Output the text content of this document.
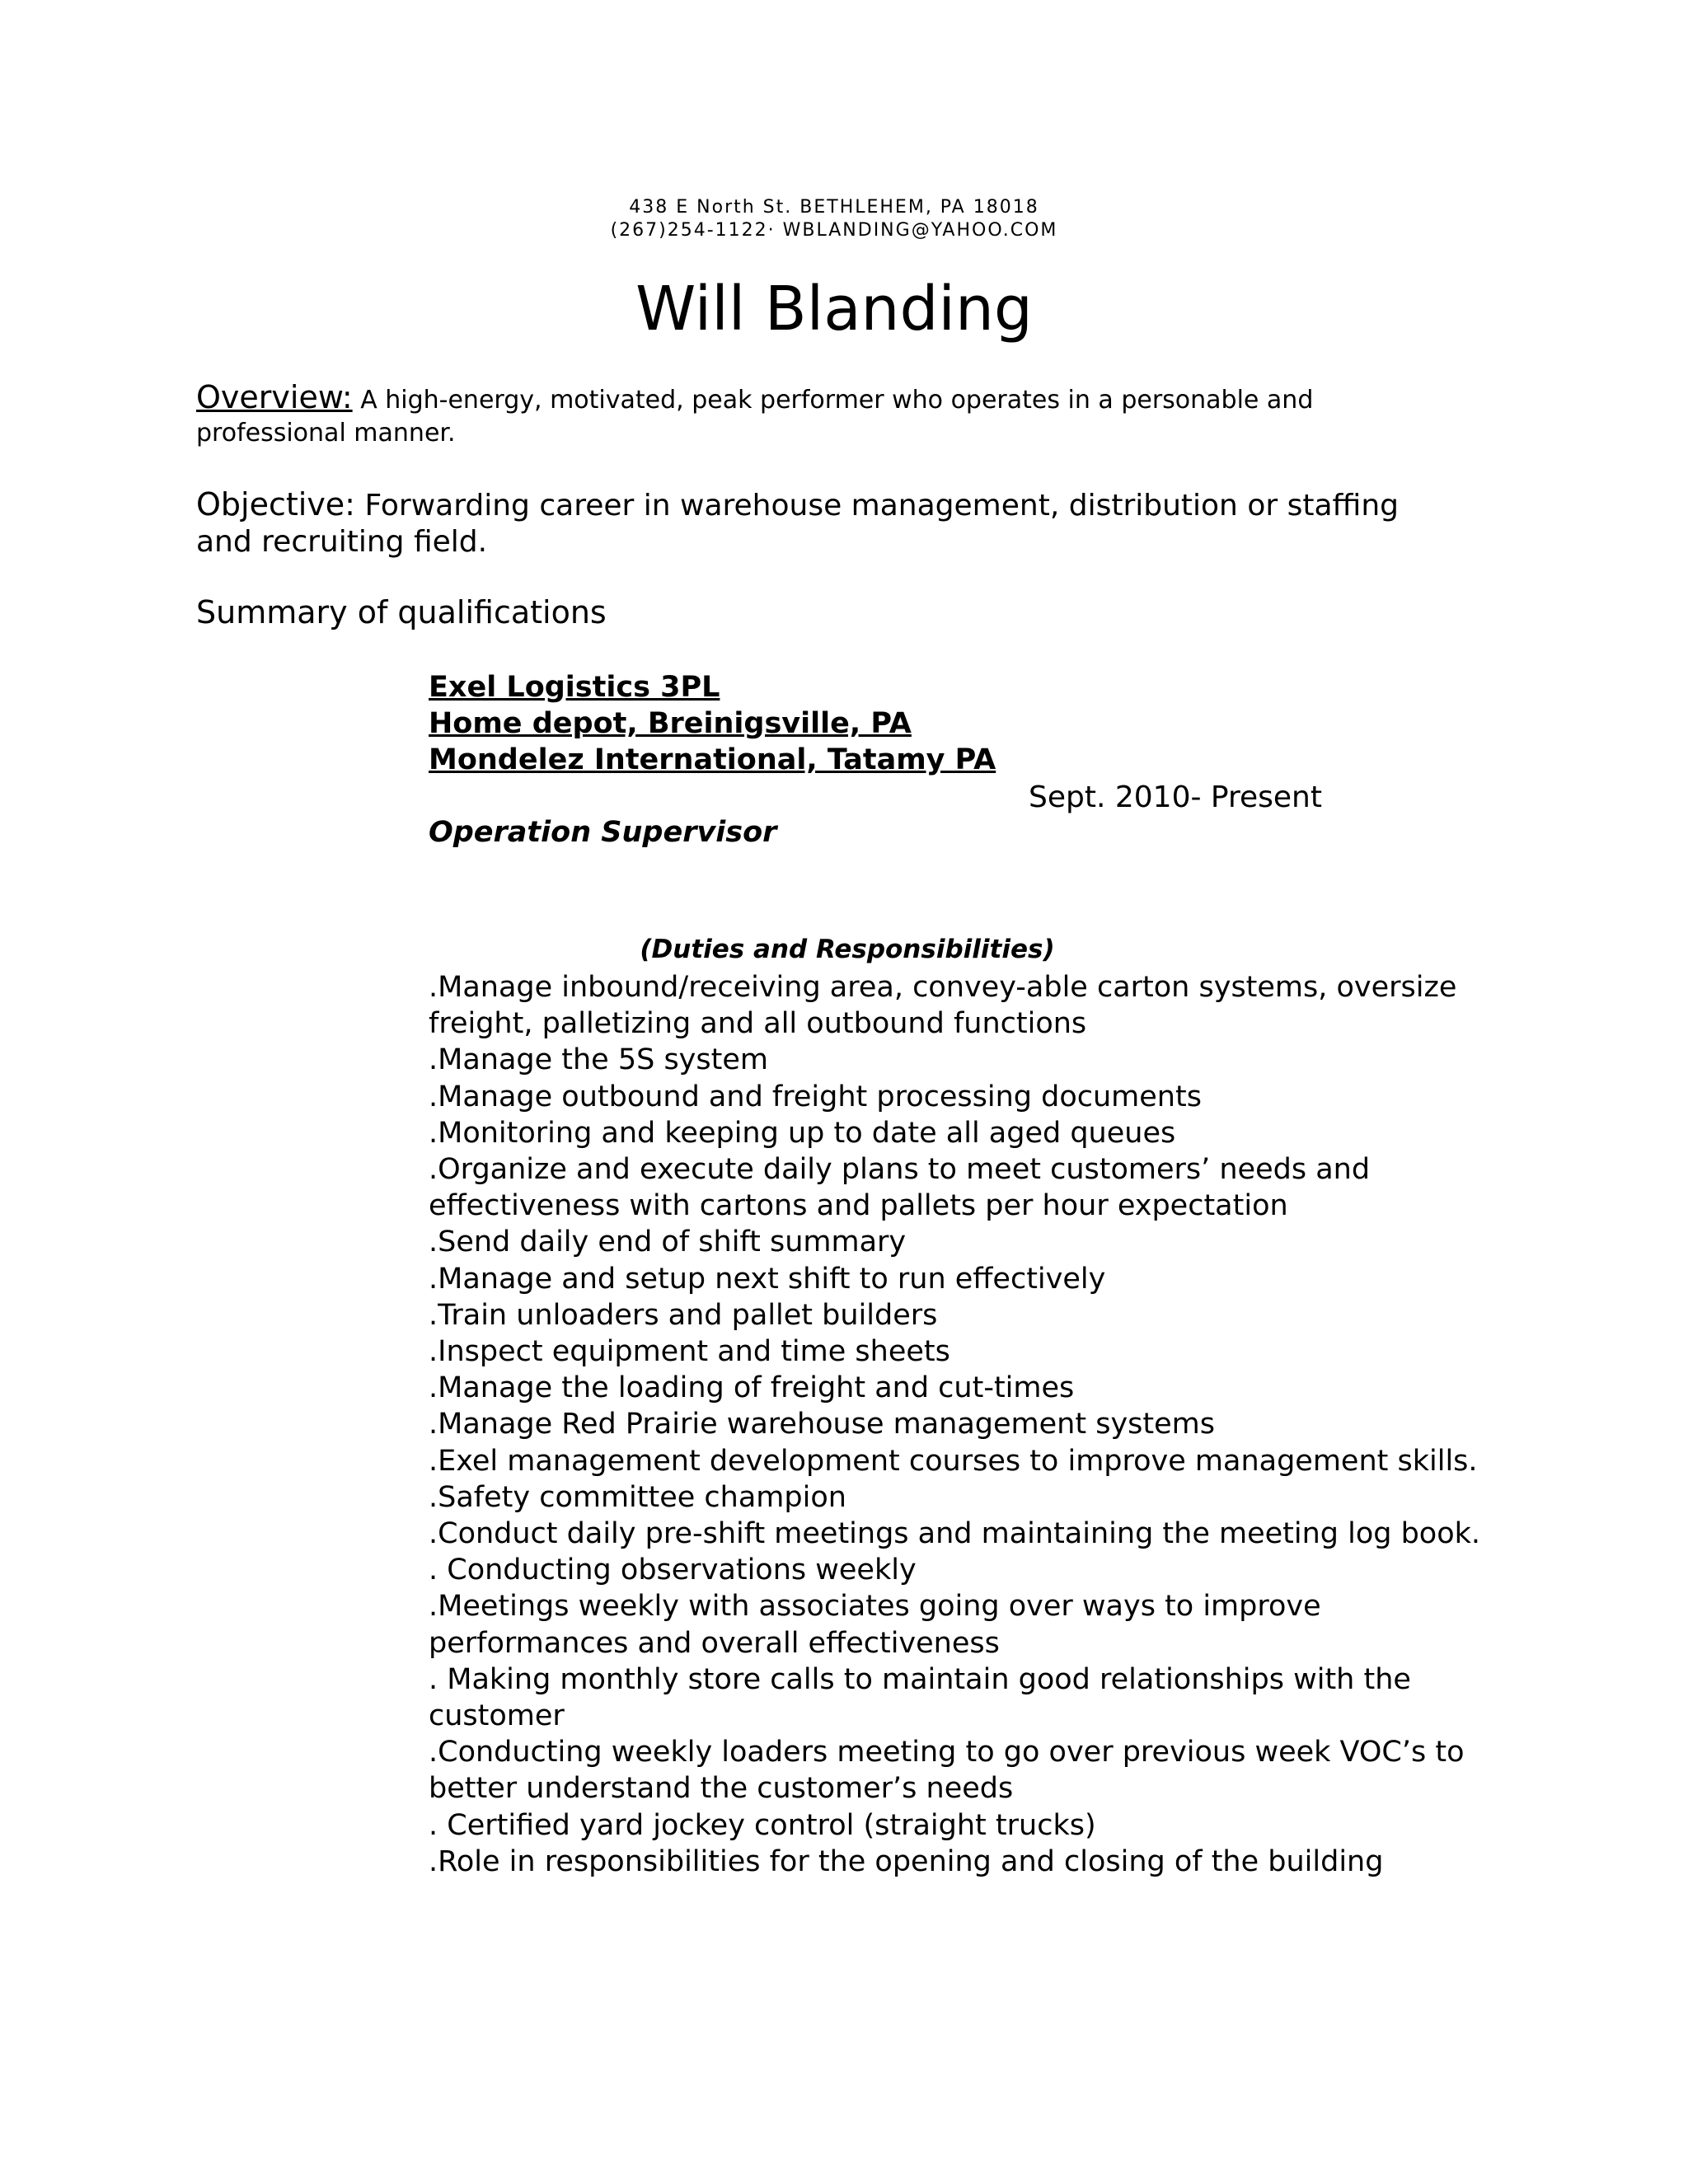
438 E North St. BETHLEHEM, PA 18018
(267)254-1122· WBLANDING@YAHOO.COM
Will Blanding
Overview: A high-energy, motivated, peak performer who operates in a personable and professional manner.
Objective: Forwarding career in warehouse management, distribution or staffing and recruiting field.
Summary of qualifications
Exel Logistics 3PL
Home depot, Breinigsville, PA
Mondelez International, Tatamy PA
Sept. 2010- Present
Operation Supervisor
(Duties and Responsibilities)
.Manage inbound/receiving area, convey-able carton systems, oversize freight, palletizing and all outbound functions
.Manage the 5S system
.Manage outbound and freight processing documents
.Monitoring and keeping up to date all aged queues
.Organize and execute daily plans to meet customers’ needs and effectiveness with cartons and pallets per hour expectation
.Send daily end of shift summary
.Manage and setup next shift to run effectively
.Train unloaders and pallet builders
.Inspect equipment and time sheets
.Manage the loading of freight and cut-times
.Manage Red Prairie warehouse management systems
.Exel management development courses to improve management skills.
.Safety committee champion
.Conduct daily pre-shift meetings and maintaining the meeting log book.
. Conducting observations weekly
.Meetings weekly with associates going over ways to improve performances and overall effectiveness
. Making monthly store calls to maintain good relationships with the customer
.Conducting weekly loaders meeting to go over previous week VOC’s to better understand the customer’s needs
. Certified yard jockey control (straight trucks)
.Role in responsibilities for the opening and closing of the building
